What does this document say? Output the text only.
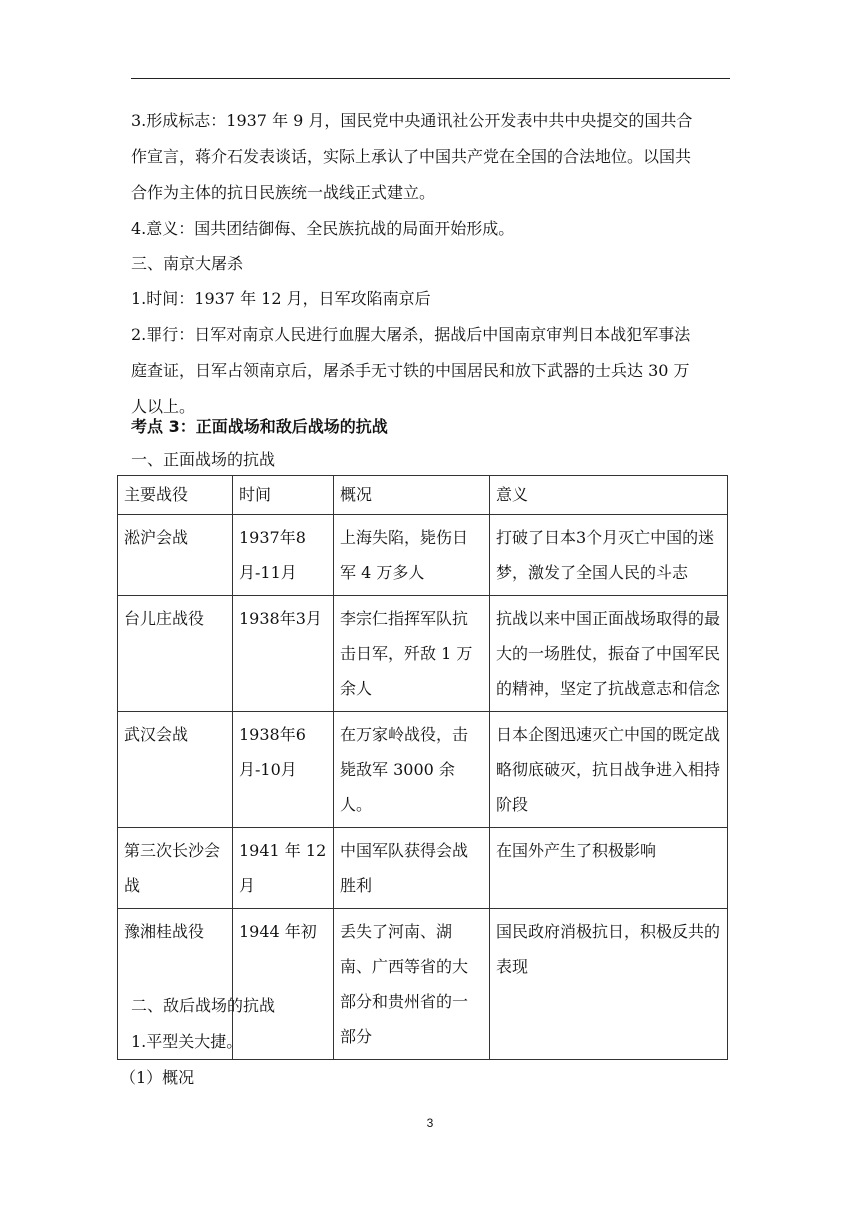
3.形成标志：1937 年 9 月，国民党中央通讯社公开发表中共中央提交的国共合
作宣言，蒋介石发表谈话，实际上承认了中国共产党在全国的合法地位。以国共
合作为主体的抗日民族统一战线正式建立。
4.意义：国共团结御侮、全民族抗战的局面开始形成。
三、南京大屠杀
1.时间：1937 年 12 月，日军攻陷南京后
2.罪行：日军对南京人民进行血腥大屠杀，据战后中国南京审判日本战犯军事法
庭查证，日军占领南京后，屠杀手无寸铁的中国居民和放下武器的士兵达 30 万
人以上。
考点 3：正面战场和敌后战场的抗战
一、正面战场的抗战
主要战役	时间	概况	意义
淞沪会战	1937年8月-11月	上海失陷，毙伤日军 4 万多人	打破了日本3个月灭亡中国的迷梦，激发了全国人民的斗志
台儿庄战役	1938年3月	李宗仁指挥军队抗击日军，歼敌 1 万余人	抗战以来中国正面战场取得的最大的一场胜仗，振奋了中国军民的精神，坚定了抗战意志和信念
武汉会战	1938年6月-10月	在万家岭战役，击毙敌军 3000 余人。	日本企图迅速灭亡中国的既定战略彻底破灭，抗日战争进入相持阶段
第三次长沙会战	1941 年 12 月	中国军队获得会战胜利	在国外产生了积极影响
豫湘桂战役	1944 年初	丢失了河南、湖南、广西等省的大部分和贵州省的一部分	国民政府消极抗日，积极反共的表现
二、敌后战场的抗战
1.平型关大捷。
（1）概况
3
